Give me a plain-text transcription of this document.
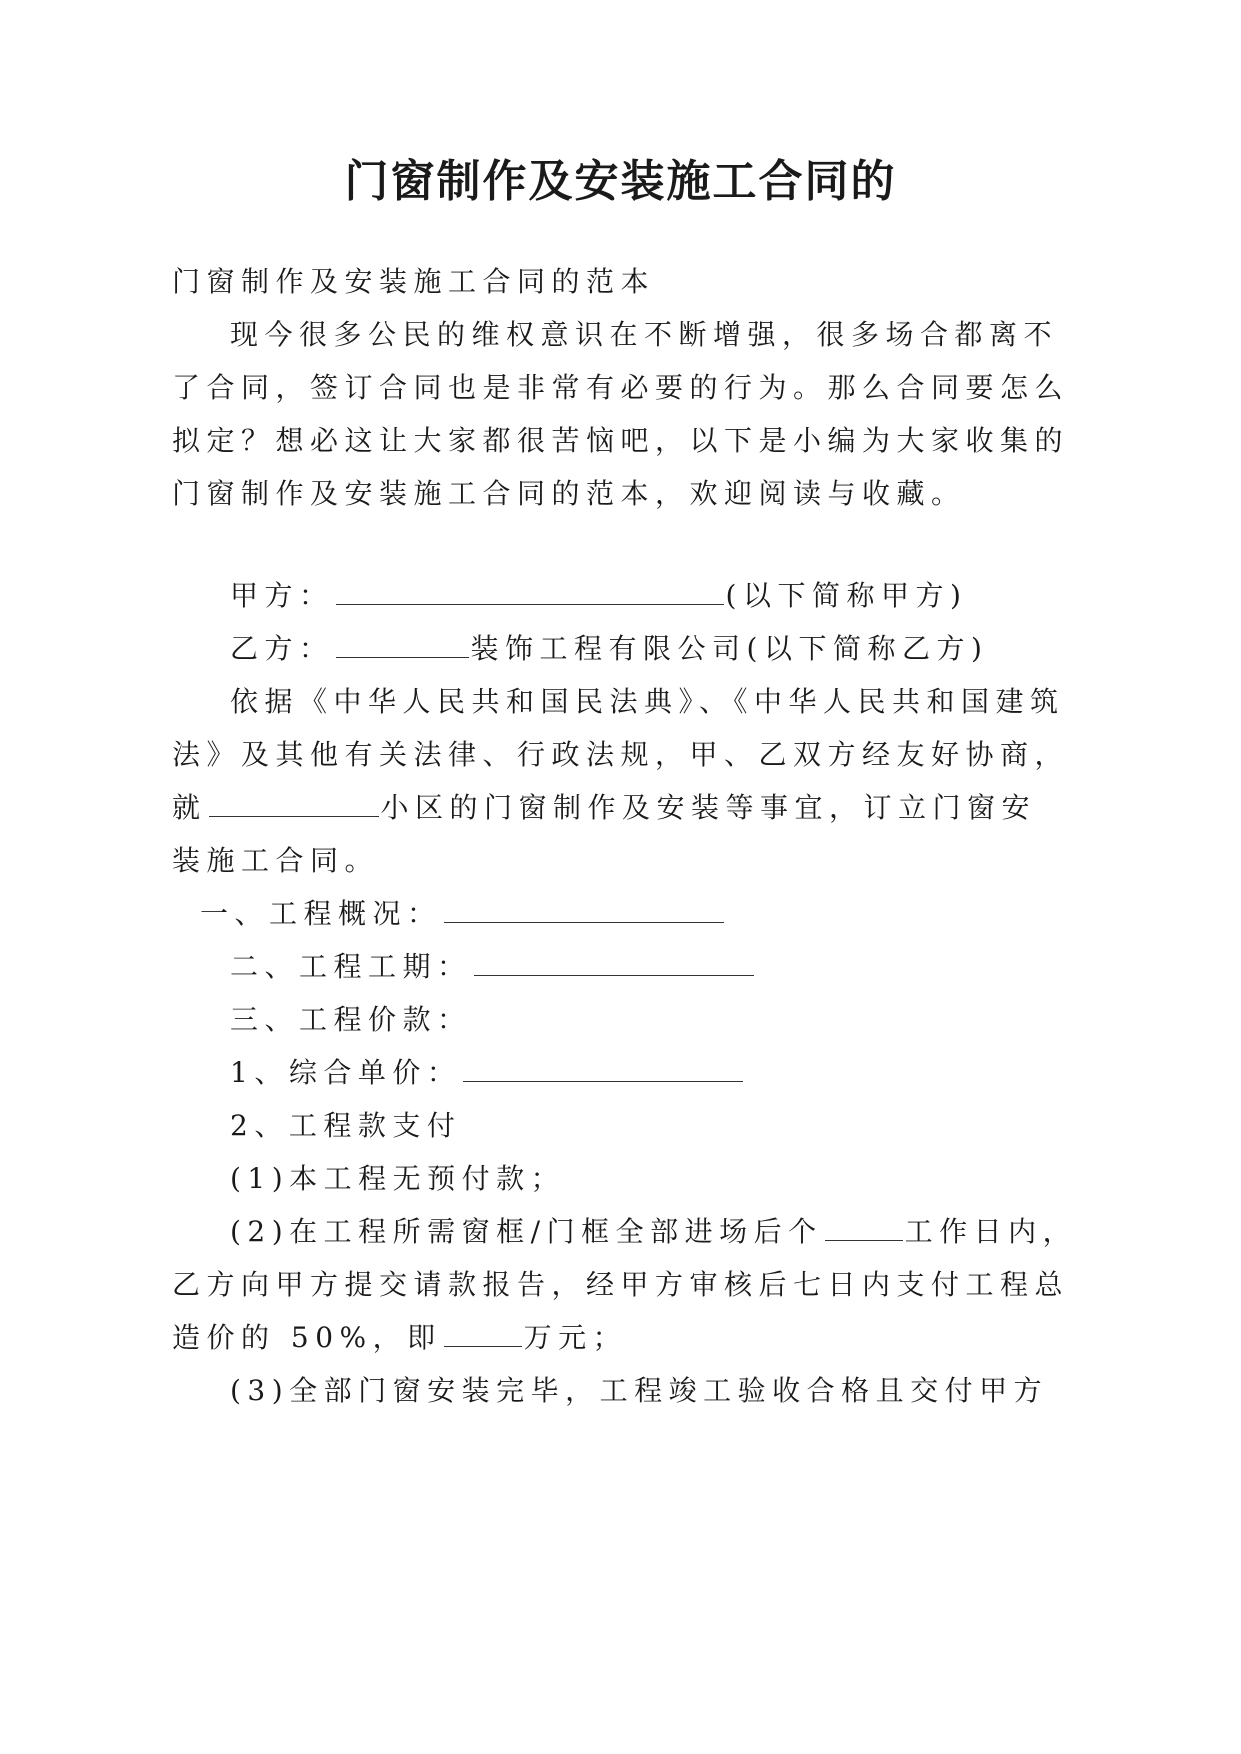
门窗制作及安装施工合同的
门窗制作及安装施工合同的范本
现今很多公民的维权意识在不断增强，很多场合都离不
了合同，签订合同也是非常有必要的行为。那么合同要怎么
拟定？想必这让大家都很苦恼吧，以下是小编为大家收集的
门窗制作及安装施工合同的范本，欢迎阅读与收藏。
甲方：	(以下简称甲方)
乙方：	装饰工程有限公司(以下简称乙方)
依据《中华人民共和国民法典》、《中华人民共和国建筑
法》及其他有关法律、行政法规，甲、乙双方经友好协商，
就	小区的门窗制作及安装等事宜，订立门窗安
装施工合同。
一、工程概况：
二、工程工期：
三、工程价款：
1、综合单价：
2、工程款支付
(1)本工程无预付款；
(2)在工程所需窗框/门框全部进场后个	工作日内，
乙方向甲方提交请款报告，经甲方审核后七日内支付工程总
造价的 50%，即	万元；
(3)全部门窗安装完毕，工程竣工验收合格且交付甲方
